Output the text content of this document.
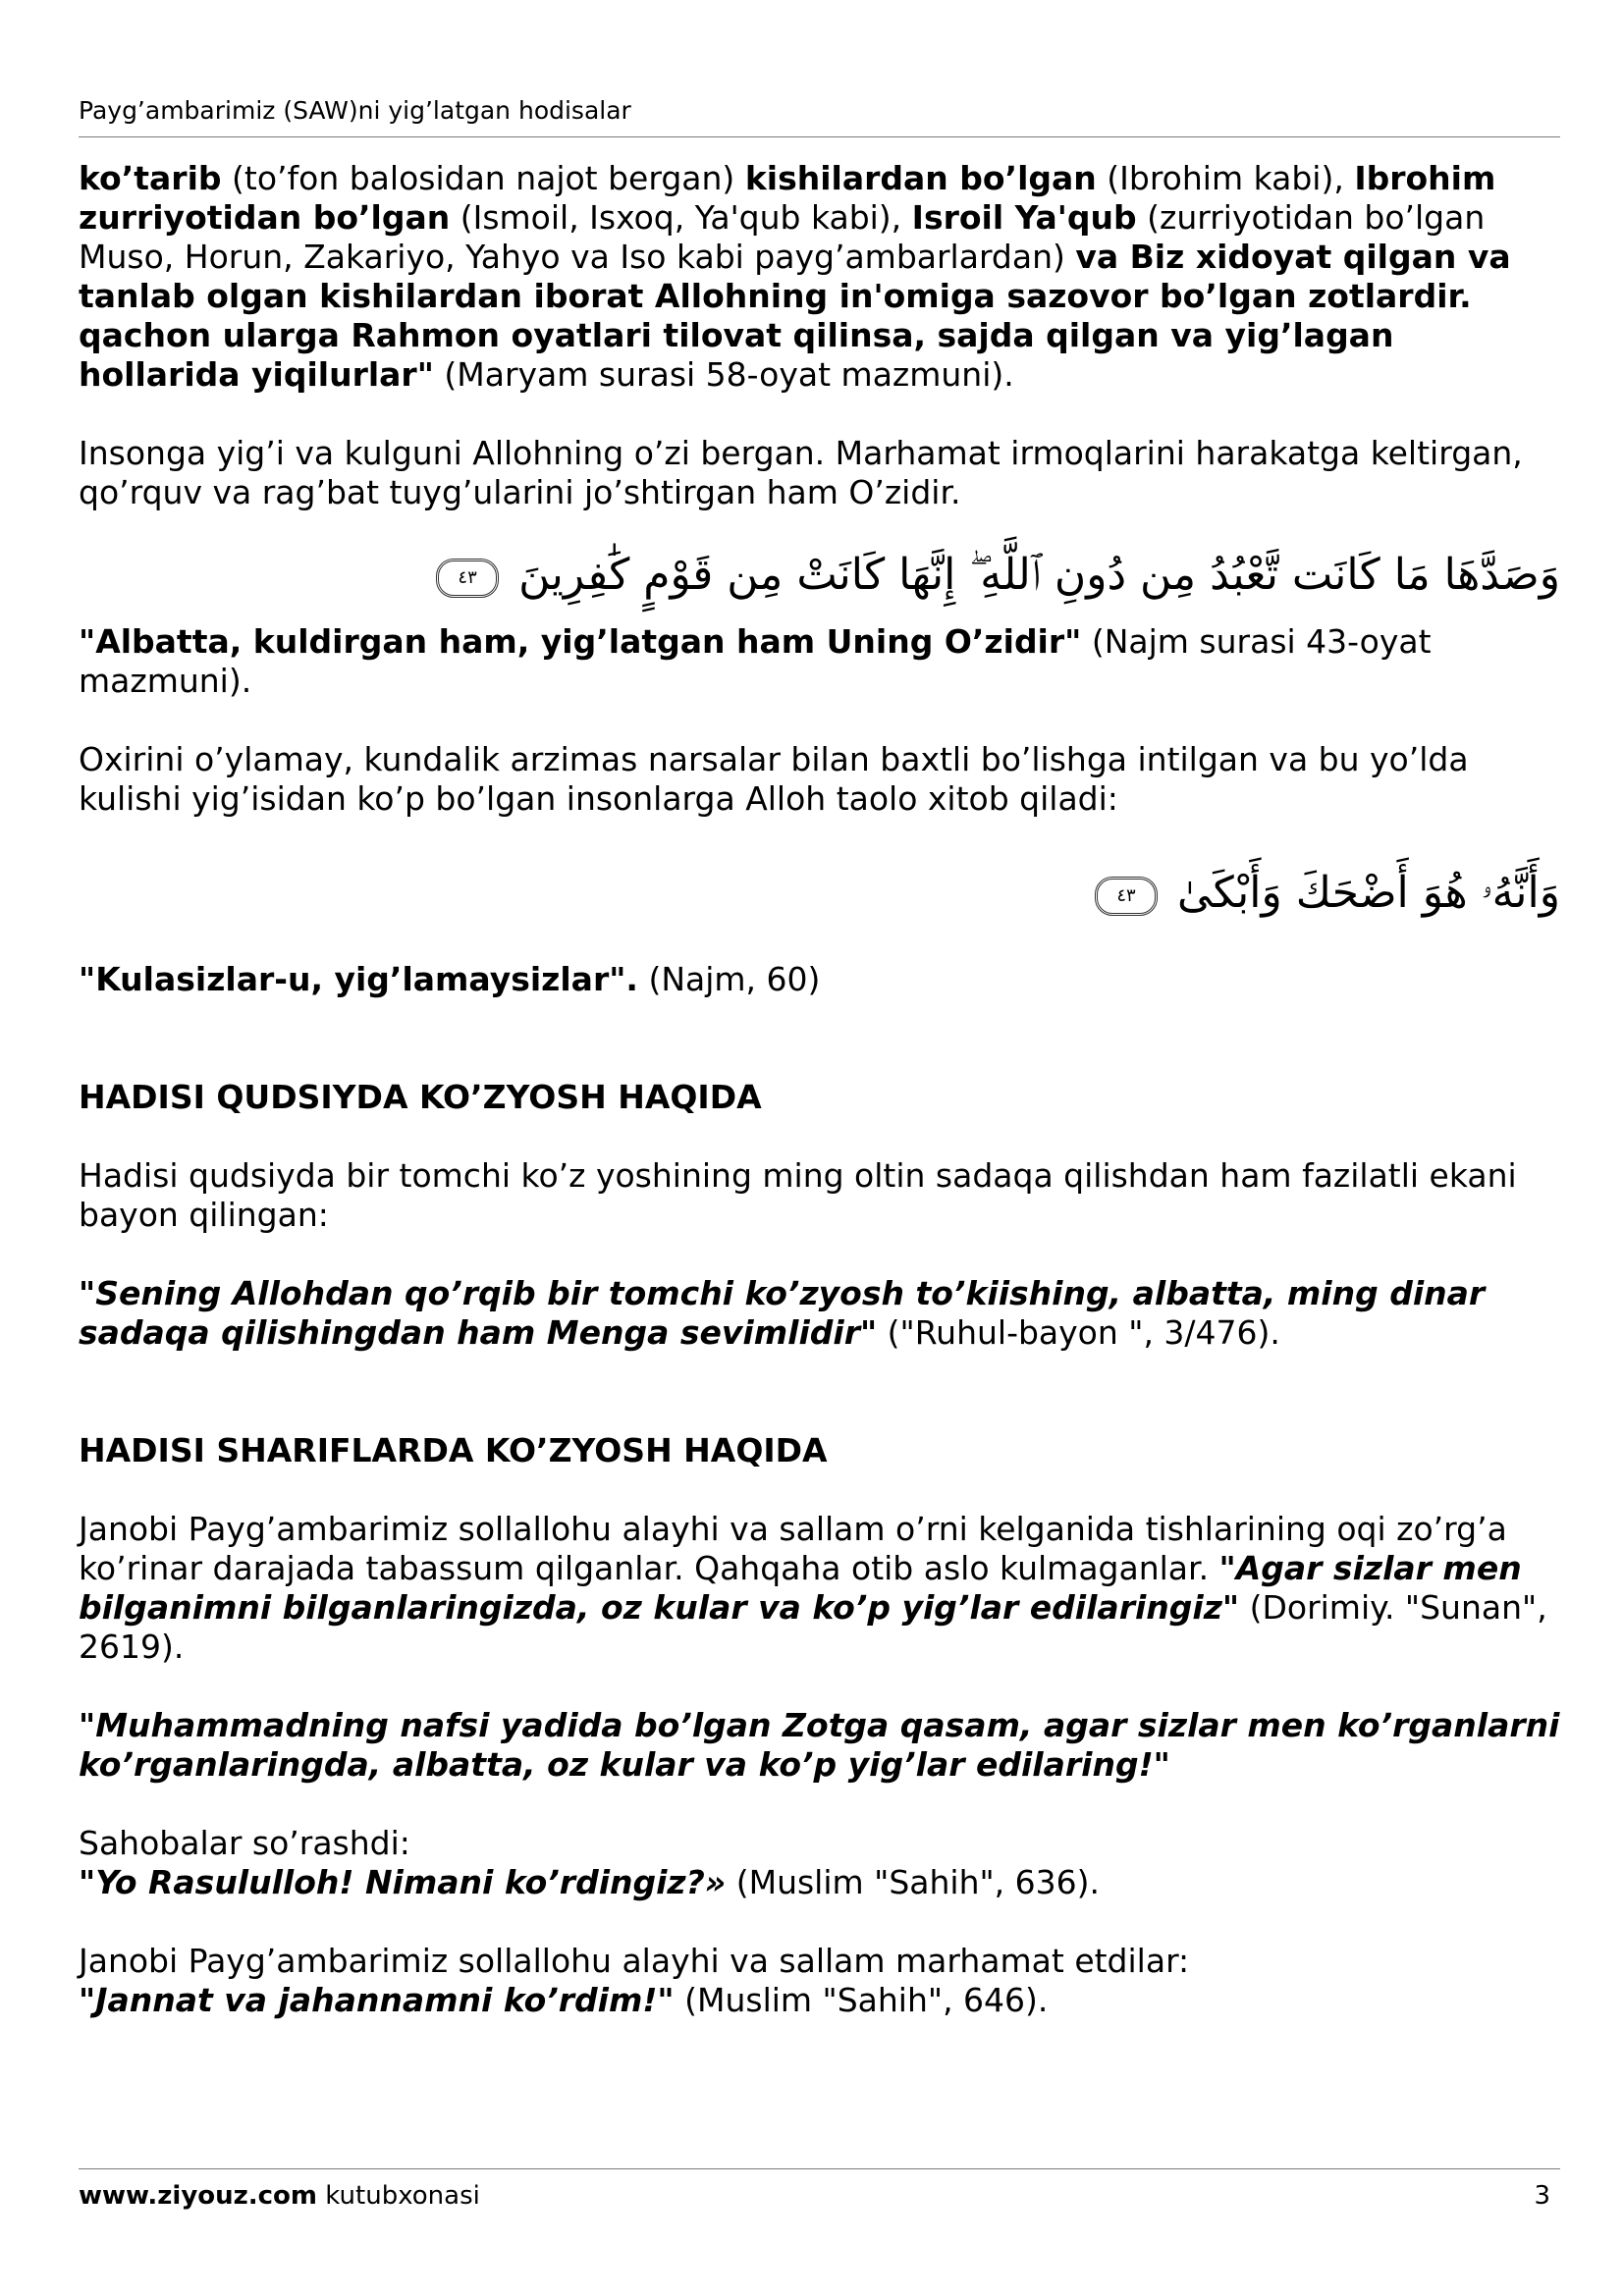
Payg’ambarimiz (SAW)ni yig’latgan hodisalar

ko’tarib (to’fon balosidan najot bergan) kishilardan bo’lgan (Ibrohim kabi), Ibrohim zurriyotidan bo’lgan (Ismoil, Isxoq, Ya'qub kabi), Isroil Ya'qub (zurriyotidan bo’lgan Muso, Horun, Zakariyo, Yahyo va Iso kabi payg’ambarlardan) va Biz xidoyat qilgan va tanlab olgan kishilardan iborat Allohning in'omiga sazovor bo’lgan zotlardir. qachon ularga Rahmon oyatlari tilovat qilinsa, sajda qilgan va yig’lagan hollarida yiqilurlar" (Maryam surasi 58-oyat mazmuni).

Insonga yig’i va kulguni Allohning o’zi bergan. Marhamat irmoqlarini harakatga keltirgan, qo’rquv va rag’bat tuyg’ularini jo’shtirgan ham O’zidir.

وَصَدَّهَا مَا كَانَت تَّعْبُدُ مِن دُونِ ٱللَّهِ ۖ إِنَّهَا كَانَتْ مِن قَوْمٍ كَٰفِرِينَ ٤٣

"Albatta, kuldirgan ham, yig’latgan ham Uning O’zidir" (Najm surasi 43-oyat mazmuni).

Oxirini o’ylamay, kundalik arzimas narsalar bilan baxtli bo’lishga intilgan va bu yo’lda kulishi yig’isidan ko’p bo’lgan insonlarga Alloh taolo xitob qiladi:

وَأَنَّهُۥ هُوَ أَضْحَكَ وَأَبْكَىٰ ٤٣

"Kulasizlar-u, yig’lamaysizlar". (Najm, 60)

HADISI QUDSIYDA KO’ZYOSH HAQIDA

Hadisi qudsiyda bir tomchi ko’z yoshining ming oltin sadaqa qilishdan ham fazilatli ekani bayon qilingan:

"Sening Allohdan qo’rqib bir tomchi ko’zyosh to’kiishing, albatta, ming dinar sadaqa qilishingdan ham Menga sevimlidir" ("Ruhul-bayon ", 3/476).

HADISI SHARIFLARDA KO’ZYOSH HAQIDA

Janobi Payg’ambarimiz sollallohu alayhi va sallam o’rni kelganida tishlarining oqi zo’rg’a ko’rinar darajada tabassum qilganlar. Qahqaha otib aslo kulmaganlar. "Agar sizlar men bilganimni bilganlaringizda, oz kular va ko’p yig’lar edilaringiz" (Dorimiy. "Sunan", 2619).

"Muhammadning nafsi yadida bo’lgan Zotga qasam, agar sizlar men ko’rganlarni ko’rganlaringda, albatta, oz kular va ko’p yig’lar edilaring!"

Sahobalar so’rashdi:
"Yo Rasululloh! Nimani ko’rdingiz?» (Muslim "Sahih", 636).

Janobi Payg’ambarimiz sollallohu alayhi va sallam marhamat etdilar:
"Jannat va jahannamni ko’rdim!" (Muslim "Sahih", 646).

www.ziyouz.com kutubxonasi	3
